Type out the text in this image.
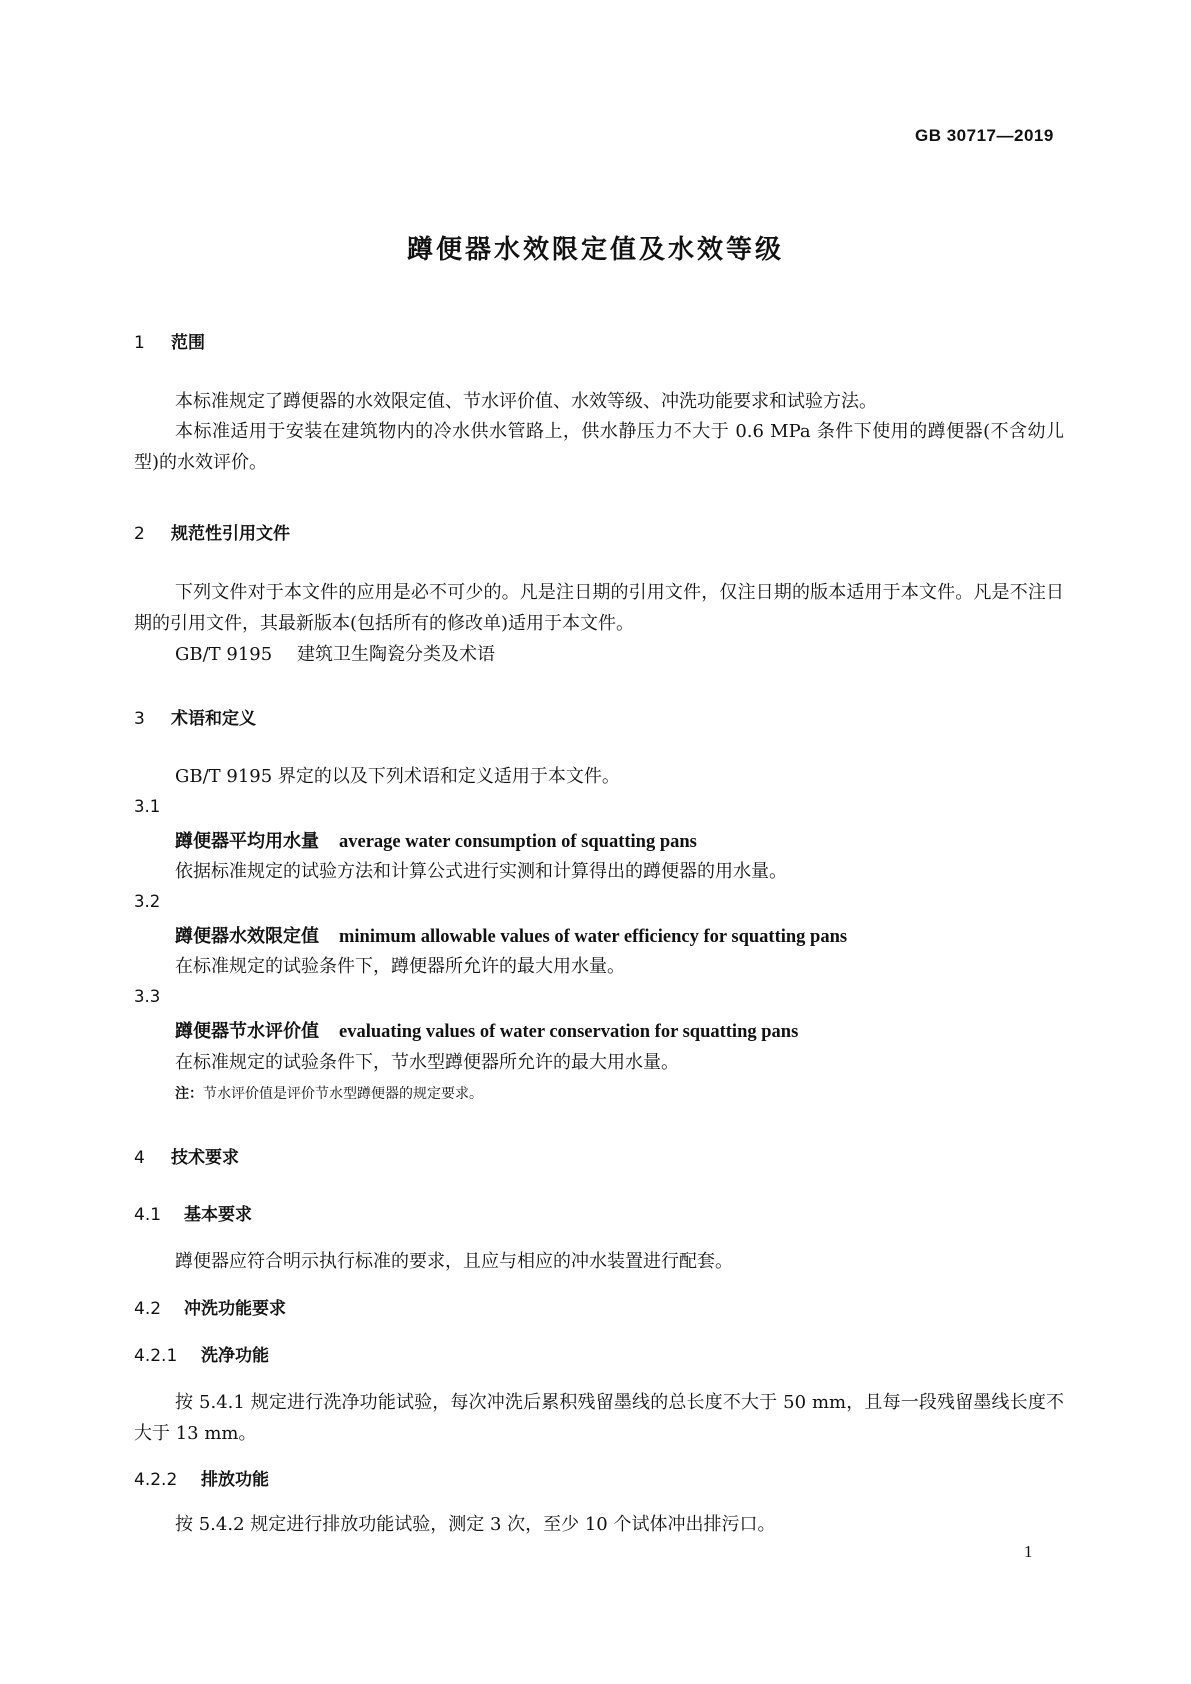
GB 30717—2019
蹲便器水效限定值及水效等级
1 范围
本标准规定了蹲便器的水效限定值、节水评价值、水效等级、冲洗功能要求和试验方法。
本标准适用于安装在建筑物内的冷水供水管路上，供水静压力不大于 0.6 MPa 条件下使用的蹲便器(不含幼儿型)的水效评价。
2 规范性引用文件
下列文件对于本文件的应用是必不可少的。凡是注日期的引用文件，仅注日期的版本适用于本文件。凡是不注日期的引用文件，其最新版本(包括所有的修改单)适用于本文件。
GB/T 9195 建筑卫生陶瓷分类及术语
3 术语和定义
GB/T 9195 界定的以及下列术语和定义适用于本文件。
3.1
蹲便器平均用水量 average water consumption of squatting pans
依据标准规定的试验方法和计算公式进行实测和计算得出的蹲便器的用水量。
3.2
蹲便器水效限定值 minimum allowable values of water efficiency for squatting pans
在标准规定的试验条件下，蹲便器所允许的最大用水量。
3.3
蹲便器节水评价值 evaluating values of water conservation for squatting pans
在标准规定的试验条件下，节水型蹲便器所允许的最大用水量。
注：节水评价值是评价节水型蹲便器的规定要求。
4 技术要求
4.1 基本要求
蹲便器应符合明示执行标准的要求，且应与相应的冲水装置进行配套。
4.2 冲洗功能要求
4.2.1 洗净功能
按 5.4.1 规定进行洗净功能试验，每次冲洗后累积残留墨线的总长度不大于 50 mm，且每一段残留墨线长度不大于 13 mm。
4.2.2 排放功能
按 5.4.2 规定进行排放功能试验，测定 3 次，至少 10 个试体冲出排污口。
1
